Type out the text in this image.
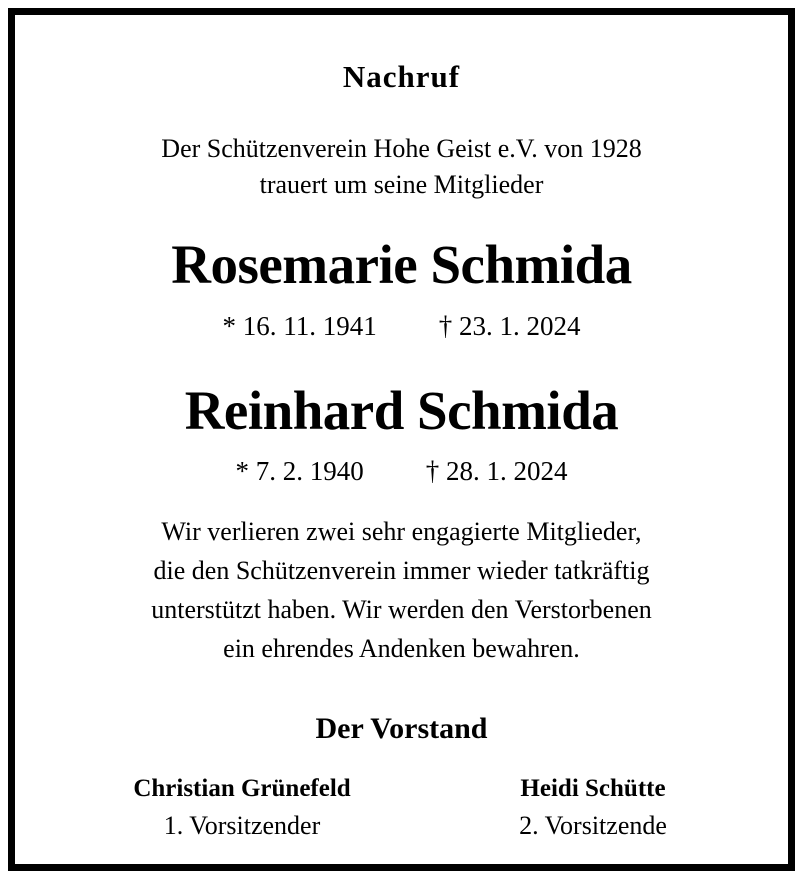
Nachruf
Der Schützenverein Hohe Geist e.V. von 1928
trauert um seine Mitglieder
Rosemarie Schmida
* 16. 11. 1941 † 23. 1. 2024
Reinhard Schmida
* 7. 2. 1940 † 28. 1. 2024
Wir verlieren zwei sehr engagierte Mitglieder,
die den Schützenverein immer wieder tatkräftig
unterstützt haben. Wir werden den Verstorbenen
ein ehrendes Andenken bewahren.
Der Vorstand
Christian Grünefeld
1. Vorsitzender
Heidi Schütte
2. Vorsitzende
